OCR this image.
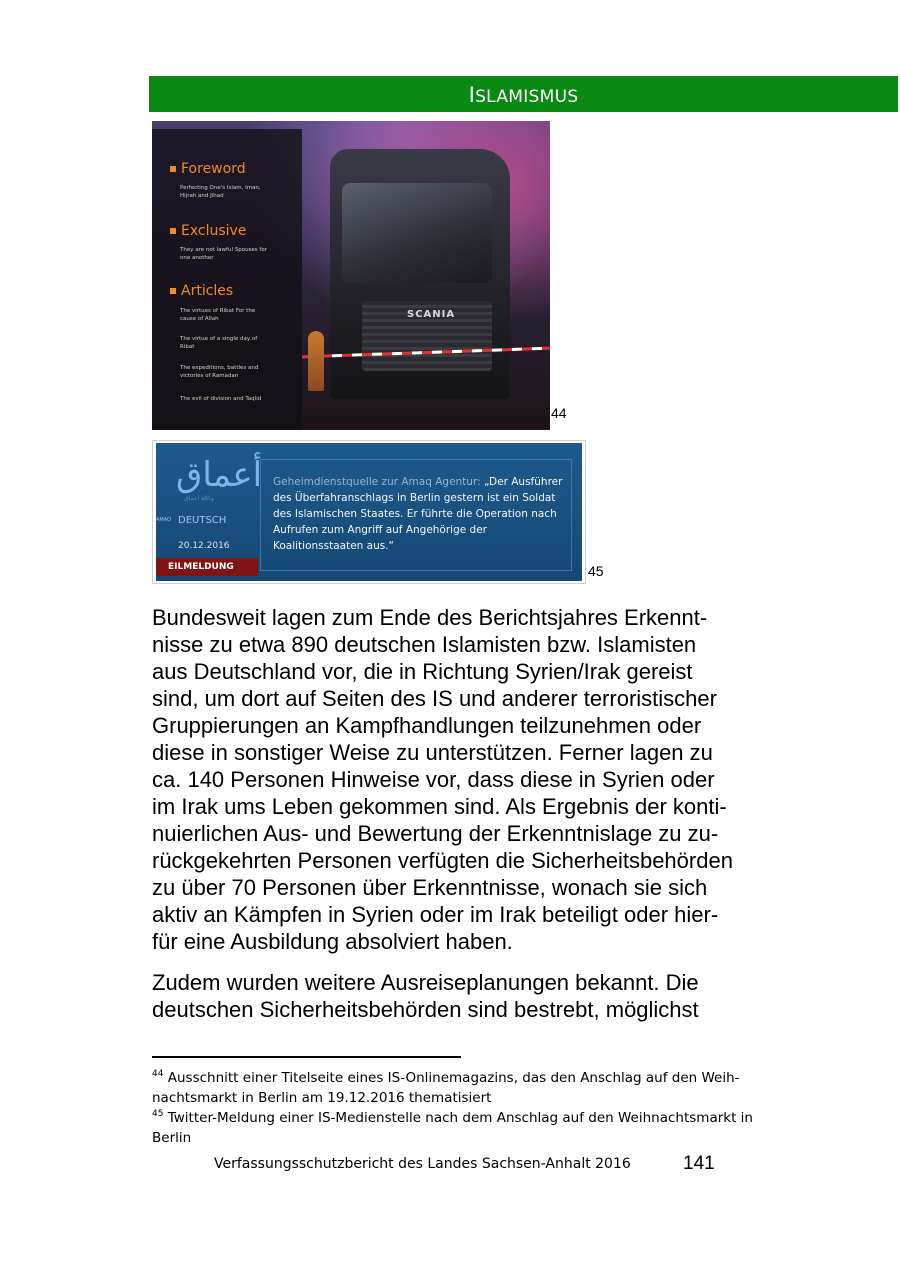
ISLAMISMUS
SCANIA
Foreword
Perfecting One's Islam, Iman, Hijrah and Jihad
Exclusive
They are not lawful Spouses for one another
Articles
The virtues of Ribat For the cause of Allah
The virtue of a single day of Ribat
The expeditions, battles and victories of Ramadan
The evil of division and Taqlid
44
أعماق
وكالة أعماق
AMAQ DEUTSCH
20.12.2016
EILMELDUNG
Geheimdienstquelle zur Amaq Agentur: „Der Ausführer des Überfahranschlags in Berlin gestern ist ein Soldat des Islamischen Staates. Er führte die Operation nach Aufrufen zum Angriff auf Angehörige der Koalitionsstaaten aus.“
45

Bundesweit lagen zum Ende des Berichtsjahres Erkennt-
nisse zu etwa 890 deutschen Islamisten bzw. Islamisten
aus Deutschland vor, die in Richtung Syrien/Irak gereist
sind, um dort auf Seiten des IS und anderer terroristischer
Gruppierungen an Kampfhandlungen teilzunehmen oder
diese in sonstiger Weise zu unterstützen. Ferner lagen zu
ca. 140 Personen Hinweise vor, dass diese in Syrien oder
im Irak ums Leben gekommen sind. Als Ergebnis der konti-
nuierlichen Aus- und Bewertung der Erkenntnislage zu zu-
rückgekehrten Personen verfügten die Sicherheitsbehörden
zu über 70 Personen über Erkenntnisse, wonach sie sich
aktiv an Kämpfen in Syrien oder im Irak beteiligt oder hier-
für eine Ausbildung absolviert haben.

Zudem wurden weitere Ausreiseplanungen bekannt. Die
deutschen Sicherheitsbehörden sind bestrebt, möglichst

$^{44}$ Ausschnitt einer Titelseite eines IS-Onlinemagazins, das den Anschlag auf den Weih-
nachtsmarkt in Berlin am 19.12.2016 thematisiert
$^{45}$ Twitter-Meldung einer IS-Medienstelle nach dem Anschlag auf den Weihnachtsmarkt in
Berlin
Verfassungsschutzbericht des Landes Sachsen-Anhalt 2016	141
